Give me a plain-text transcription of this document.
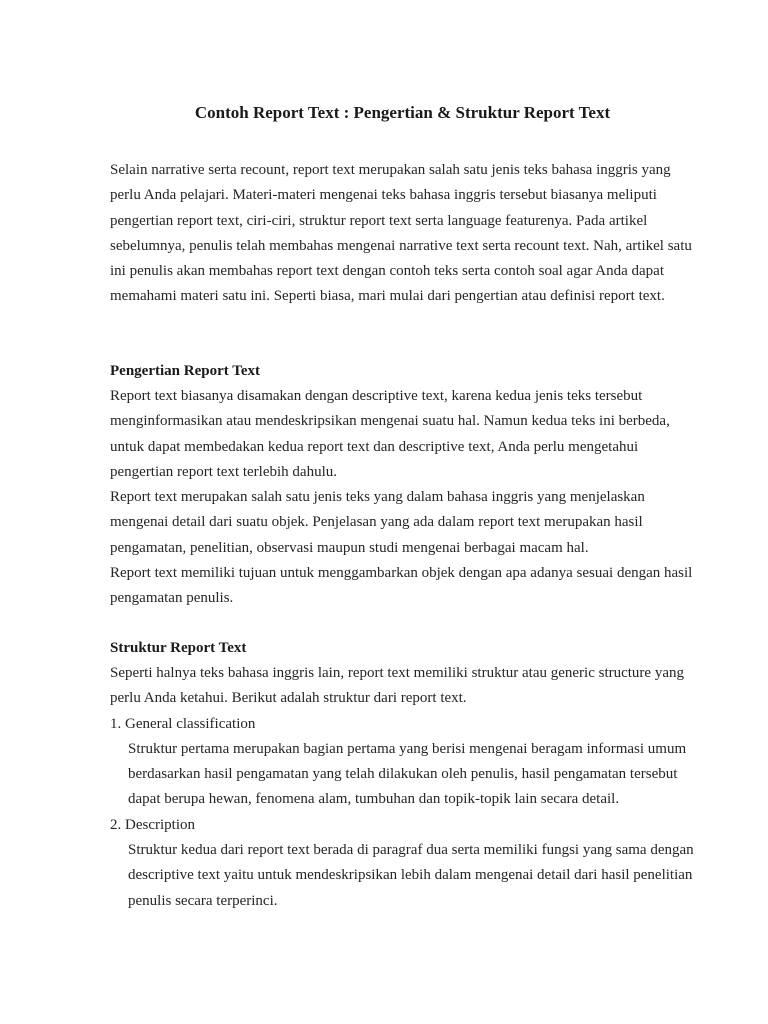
Contoh Report Text : Pengertian & Struktur Report Text

Selain narrative serta recount, report text merupakan salah satu jenis teks bahasa inggris yang perlu Anda pelajari. Materi-materi mengenai teks bahasa inggris tersebut biasanya meliputi pengertian report text, ciri-ciri, struktur report text serta language featurenya. Pada artikel sebelumnya, penulis telah membahas mengenai narrative text serta recount text. Nah, artikel satu ini penulis akan membahas report text dengan contoh teks serta contoh soal agar Anda dapat memahami materi satu ini. Seperti biasa, mari mulai dari pengertian atau definisi report text.

Pengertian Report Text

Report text biasanya disamakan dengan descriptive text, karena kedua jenis teks tersebut menginformasikan atau mendeskripsikan mengenai suatu hal. Namun kedua teks ini berbeda, untuk dapat membedakan kedua report text dan descriptive text, Anda perlu mengetahui pengertian report text terlebih dahulu.

Report text merupakan salah satu jenis teks yang dalam bahasa inggris yang menjelaskan mengenai detail dari suatu objek. Penjelasan yang ada dalam report text merupakan hasil pengamatan, penelitian, observasi maupun studi mengenai berbagai macam hal.

Report text memiliki tujuan untuk menggambarkan objek dengan apa adanya sesuai dengan hasil pengamatan penulis.

Struktur Report Text

Seperti halnya teks bahasa inggris lain, report text memiliki struktur atau generic structure yang perlu Anda ketahui. Berikut adalah struktur dari report text.

1. General classification

Struktur pertama merupakan bagian pertama yang berisi mengenai beragam informasi umum berdasarkan hasil pengamatan yang telah dilakukan oleh penulis, hasil pengamatan tersebut dapat berupa hewan, fenomena alam, tumbuhan dan topik-topik lain secara detail.

2. Description

Struktur kedua dari report text berada di paragraf dua serta memiliki fungsi yang sama dengan descriptive text yaitu untuk mendeskripsikan lebih dalam mengenai detail dari hasil penelitian penulis secara terperinci.
